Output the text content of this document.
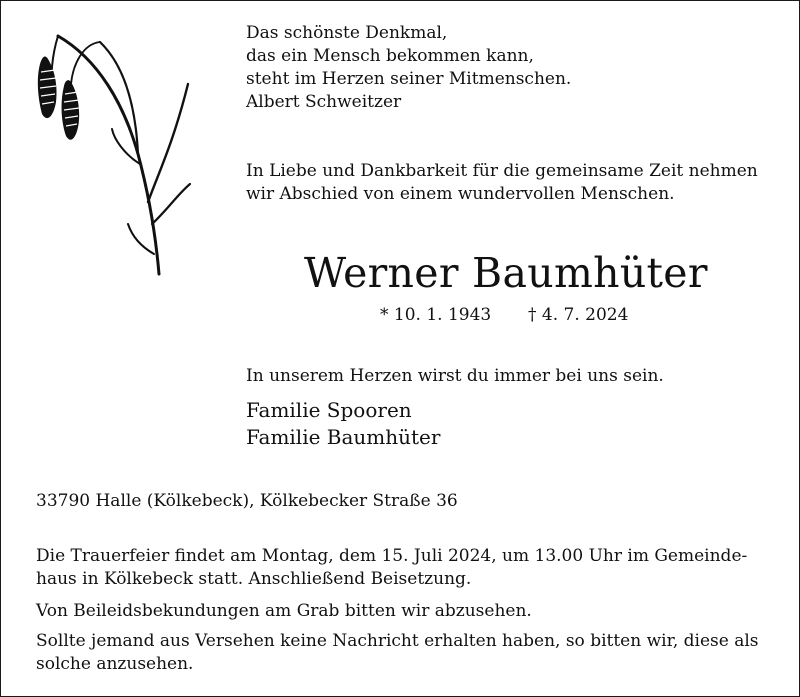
Das schönste Denkmal,
das ein Mensch bekommen kann,
steht im Herzen seiner Mitmenschen.
Albert Schweitzer
In Liebe und Dankbarkeit für die gemeinsame Zeit nehmen
wir Abschied von einem wundervollen Menschen.
Werner Baumhüter
* 10. 1. 1943 † 4. 7. 2024
In unserem Herzen wirst du immer bei uns sein.
Familie Spooren
Familie Baumhüter
33790 Halle (Kölkebeck), Kölkebecker Straße 36
Die Trauerfeier findet am Montag, dem 15. Juli 2024, um 13.00 Uhr im Gemeinde-
haus in Kölkebeck statt. Anschließend Beisetzung.
Von Beileidsbekundungen am Grab bitten wir abzusehen.
Sollte jemand aus Versehen keine Nachricht erhalten haben, so bitten wir, diese als
solche anzusehen.
